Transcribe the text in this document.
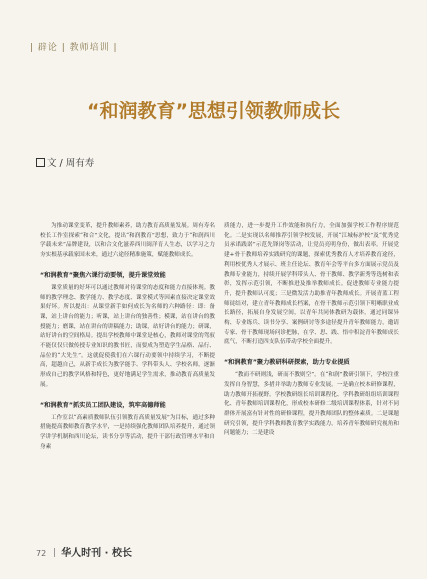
| 辟论 | 教师培训 |
“和润教育”思想引领教师成长
文 / 周有寿

为推动课堂变革，提升教师素养，助力教育高质量发展。周有寿名校长工作室探索“和合”文化，提出“和润教育”思想，致力于“和润西川 学载未来”品牌建设，以和合文化滋养西川闽洋育人生态，以学习之力夯实根基承载家国未来，通过六途径精准施策，赋能教师成长。

“和润教育”聚焦六课行动要领，提升课堂效能

课堂质量的好坏可以通过教师对待课堂的态度和能力直接体现。教师的教学理念、教学能力、教学态度、课堂模式等因素直接决定课堂效果好坏。所以提出：从课堂新手如何成长为名师的六种路径：即：备课，站上讲台的能力；听课，站上讲台的独善性；模课，站在讲台的教授能力；磨课，站在讲台的讲稿能力；助课，站好讲台的能力；研课，站好讲台的空间格局。提出学校教师中课堂是核心，教师对课堂的驾驭不能仅仅只做传授专业知识的教书匠，而要成为塑造学生品格、品行、品位的“大先生”。这就促使我们在六课行动要领中持续学习，不断提高，超越自己，从新手成长为教学能手、学科带头人、学校名师，逐渐形成自己的教学风格和特色，更好地满足学生需求，推动教育高质量发展。

“和润教育”抓实员工团队建设，筑牢高德师能

工作室以“高素质教师队伍引领教育高质量发展”为目标，通过多种措施提高教师教育教学水平，一是持续强化教师团队培养提升，通过领学讲学机制和西川论坛，读书分享等活动，提升干部行政管理水平和自身素

质能力，进一步提升工作效能和执行力，全面加强学校工作程序规范化。二是实现以名师推荐引领学校发展，开展“江城标护校”及“优秀党员承诺践诺”示范先锋岗等活动，让党员亮明身份，做出表率。开展党建+骨干教师培养实践研究的课题，探索优秀教育人才培养教育途径，利用校优秀人才展示、班主任论坛、教育年会等平台多方面展示党员及教师专业能力，持续开展学科带头人、骨干教师、教学新秀等选树和表彰，发挥示范引领，不断推进及推举教师成长。促进教师专业能力提升，提升教师认可度；三是微发活力助推青年教师成长。开展青蓝工程师徒结对，建立青年教师成长档案，在骨干教师示范引领下明晰职业成长路径，拓展自身发展空间，以青年共同体教研为载体，通过同课异构、专业练兵、读书分享、案例研讨等多途径提升青年教师能力，邀请专家、骨干教师现场问诊把脉，在学、思、践、悟中积淀青年教师成长底气，不断打造四支队伍带动学校全面提升。

“和润教育”聚力教研科研探索，助力专业提质

“教而不研则浅，研而不教则空”。在“和润”教研引领下，学校注重发挥自身智慧，多措并举助力教师专业发展。一是确立校本研修课程，助力教师开拓视野。学校教研组长培训课程化、学科教研组组培训课程化、青年教师培训课程化，形成校本研修二级培训课程体系，针对不同群体开展富有针对性的研修课程，提升教师团队的整体素质。二是课题研究引领，提升学科教师教育教学实践能力。培养青年教师研究视角和问题能力；二是建设

72 华人时刊 · 校长
